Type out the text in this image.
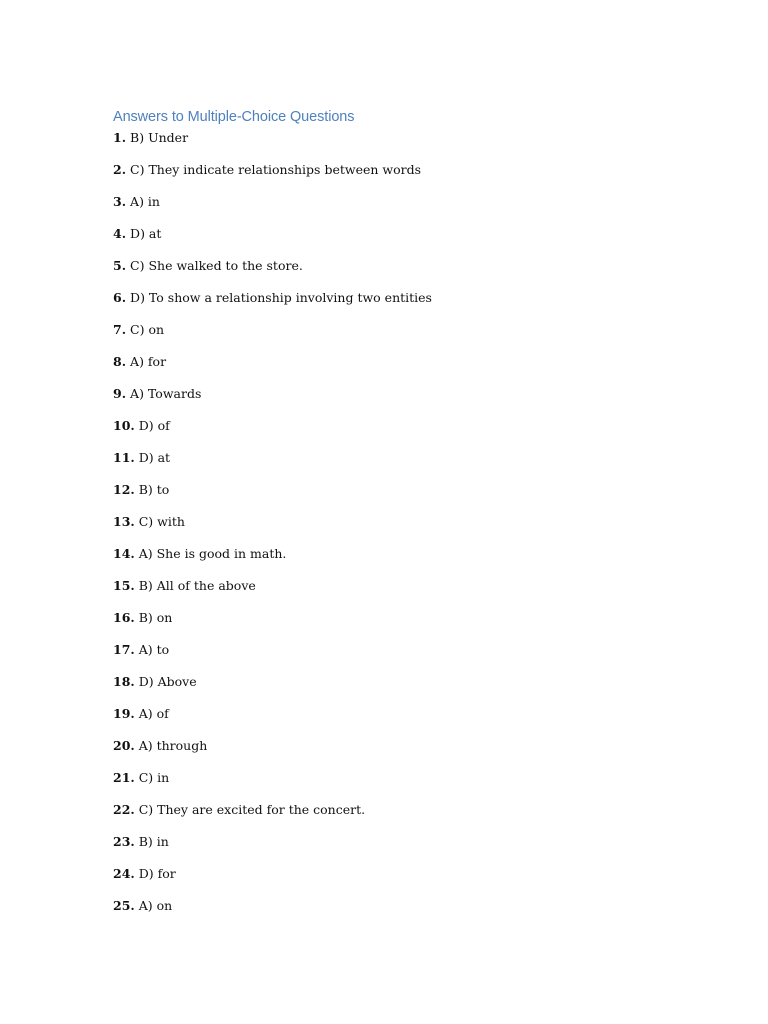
Answers to Multiple-Choice Questions
1. B) Under
2. C) They indicate relationships between words
3. A) in
4. D) at
5. C) She walked to the store.
6. D) To show a relationship involving two entities
7. C) on
8. A) for
9. A) Towards
10. D) of
11. D) at
12. B) to
13. C) with
14. A) She is good in math.
15. B) All of the above
16. B) on
17. A) to
18. D) Above
19. A) of
20. A) through
21. C) in
22. C) They are excited for the concert.
23. B) in
24. D) for
25. A) on
